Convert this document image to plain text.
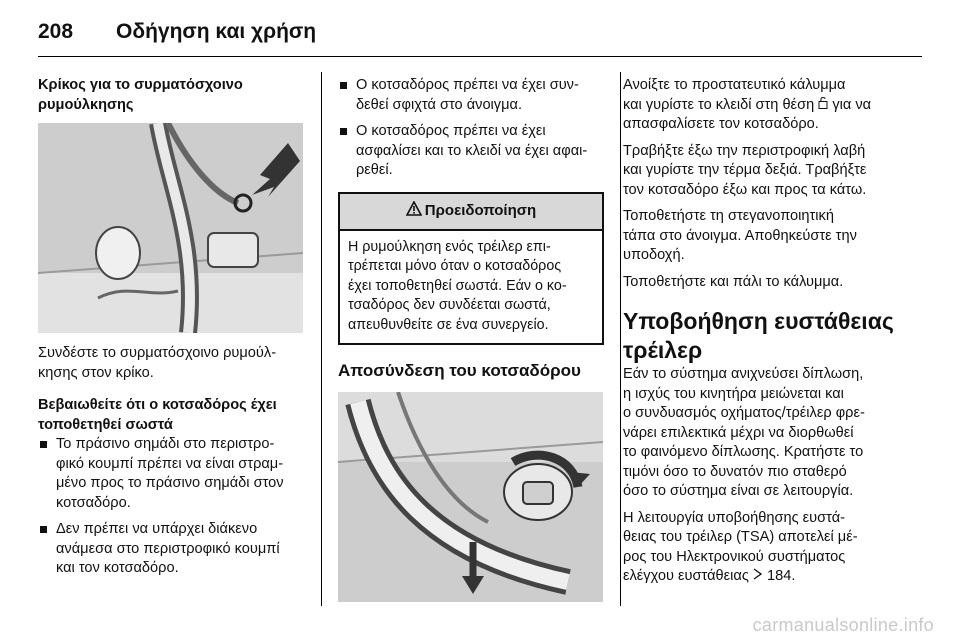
208	Οδήγηση και χρήση
Κρίκος για το συρματόσχοινο
ρυμούλκησης

Συνδέστε το συρματόσχοινο ρυμούλ-
κησης στον κρίκο.

Βεβαιωθείτε ότι ο κοτσαδόρος έχει
τοποθετηθεί σωστά
Το πράσινο σημάδι στο περιστρο-
φικό κουμπί πρέπει να είναι στραμ-
μένο προς το πράσινο σημάδι στον
κοτσαδόρο.
Δεν πρέπει να υπάρχει διάκενο
ανάμεσα στο περιστροφικό κουμπί
και τον κοτσαδόρο.
Ο κοτσαδόρος πρέπει να έχει συν-
δεθεί σφιχτά στο άνοιγμα.
Ο κοτσαδόρος πρέπει να έχει
ασφαλίσει και το κλειδί να έχει αφαι-
ρεθεί.
Προειδοποίηση
Η ρυμούλκηση ενός τρέιλερ επι-
τρέπεται μόνο όταν ο κοτσαδόρος
έχει τοποθετηθεί σωστά. Εάν ο κο-
τσαδόρος δεν συνδέεται σωστά,
απευθυνθείτε σε ένα συνεργείο.
Αποσύνδεση του κοτσαδόρου

Ανοίξτε το προστατευτικό κάλυμμα
και γυρίστε το κλειδί στη θέση για να
απασφαλίσετε τον κοτσαδόρο.

Τραβήξτε έξω την περιστροφική λαβή
και γυρίστε την τέρμα δεξιά. Τραβήξτε
τον κοτσαδόρο έξω και προς τα κάτω.

Τοποθετήστε τη στεγανοποιητική
τάπα στο άνοιγμα. Αποθηκεύστε την
υποδοχή.

Τοποθετήστε και πάλι το κάλυμμα.

Υποβοήθηση ευστάθειας
τρέιλερ

Εάν το σύστημα ανιχνεύσει δίπλωση,
η ισχύς του κινητήρα μειώνεται και
ο συνδυασμός οχήματος/τρέιλερ φρε-
νάρει επιλεκτικά μέχρι να διορθωθεί
το φαινόμενο δίπλωσης. Κρατήστε το
τιμόνι όσο το δυνατόν πιο σταθερό
όσο το σύστημα είναι σε λειτουργία.

Η λειτουργία υποβοήθησης ευστά-
θειας του τρέιλερ (TSA) αποτελεί μέ-
ρος του Ηλεκτρονικού συστήματος
ελέγχου ευστάθειας 184.

carmanualsonline.info
